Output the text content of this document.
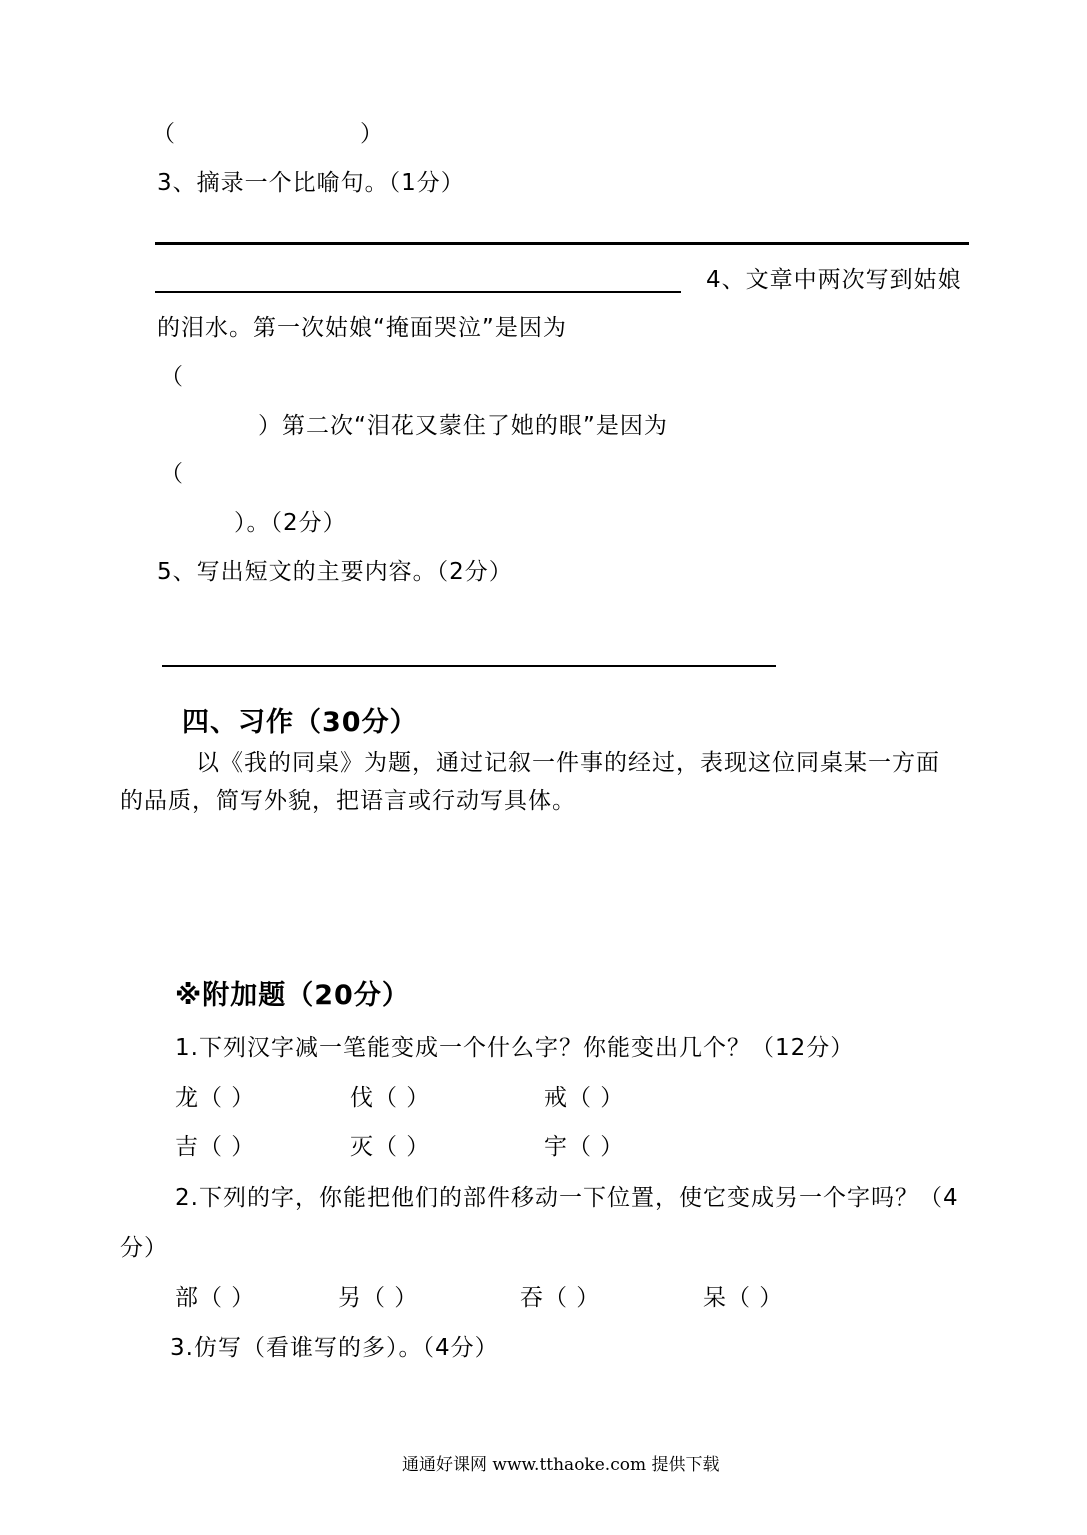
（	）
3、摘录一个比喻句。（1分）
4、文章中两次写到姑娘
的泪水。第一次姑娘“掩面哭泣”是因为
（
）第二次“泪花又蒙住了她的眼”是因为
（
）。（2分）
5、写出短文的主要内容。（2分）
四、习作（30分）
以《我的同桌》为题，通过记叙一件事的经过，表现这位同桌某一方面
的品质，简写外貌，把语言或行动写具体。
※附加题（20分）
1.下列汉字减一笔能变成一个什么字？你能变出几个？（12分）
龙（ ）	伐（ ）	戒（ ）
吉（ ）	灭（ ）	宇（ ）
2.下列的字，你能把他们的部件移动一下位置，使它变成另一个字吗？（4
分）
部（ ）	另（ ）	吞（ ）	呆（ ）
3.仿写（看谁写的多）。（4分）
通通好课网 www.tthaoke.com 提供下载
